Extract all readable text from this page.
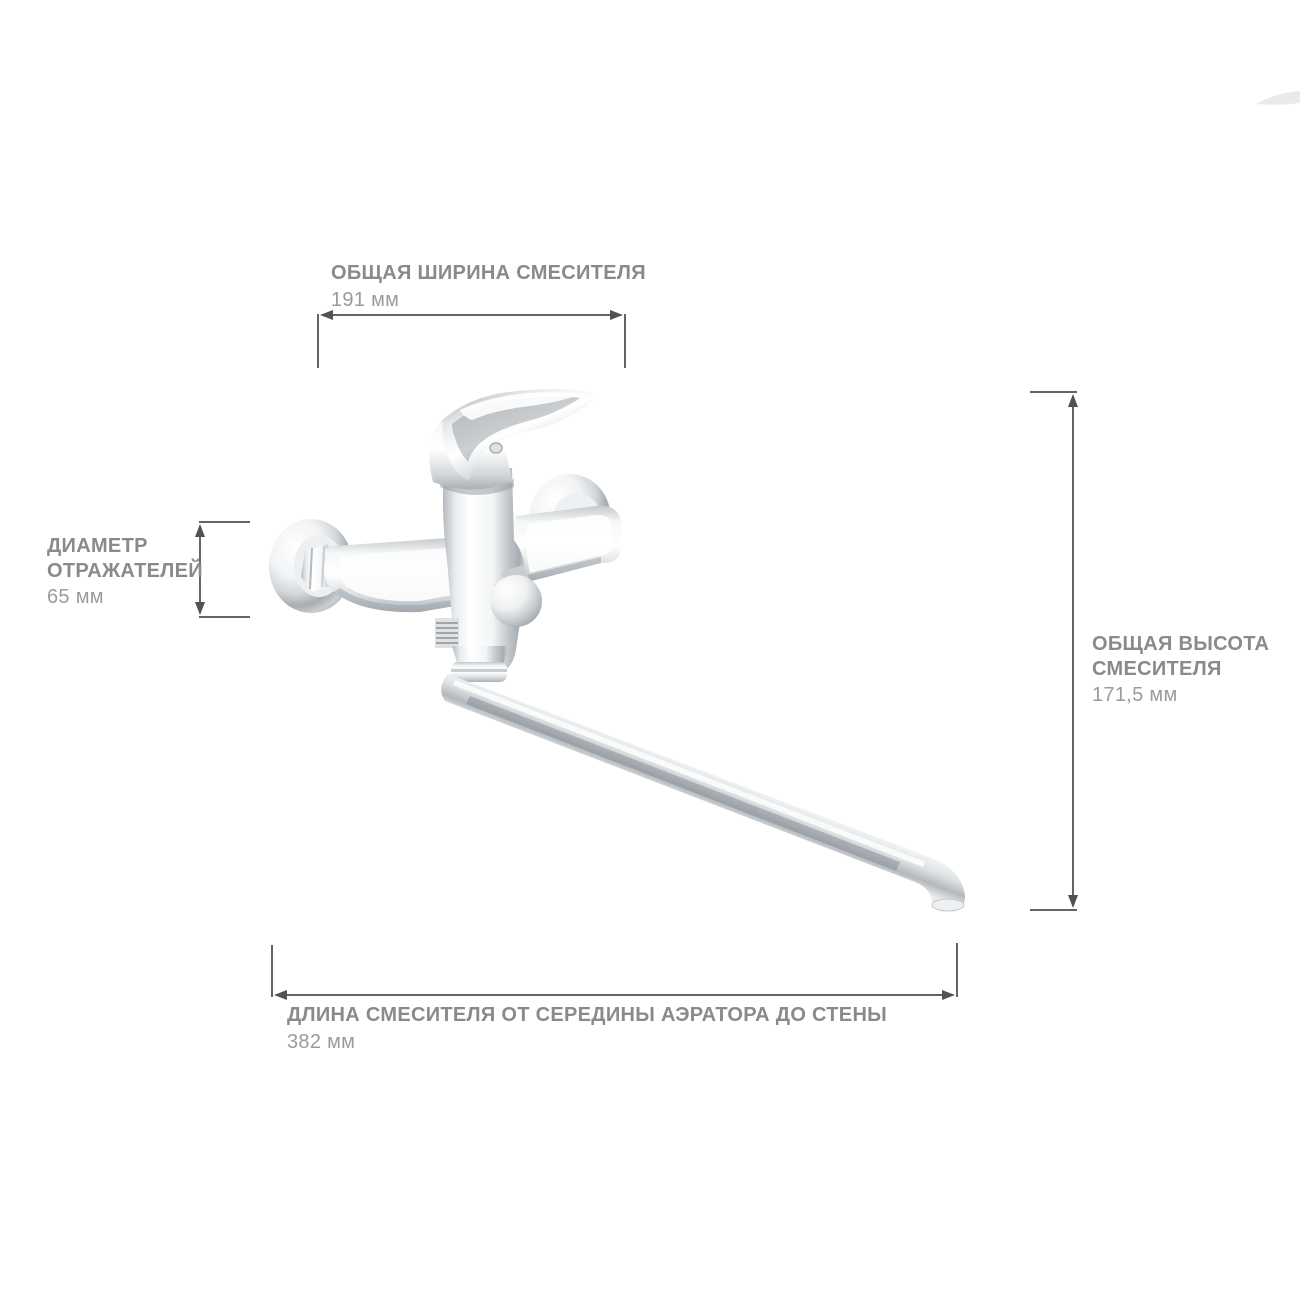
ОБЩАЯ ШИРИНА СМЕСИТЕЛЯ
191 мм
ДИАМЕТР
ОТРАЖАТЕЛЕЙ
65 мм
ОБЩАЯ ВЫСОТА
СМЕСИТЕЛЯ
171,5 мм
ДЛИНА СМЕСИТЕЛЯ ОТ СЕРЕДИНЫ АЭРАТОРА ДО СТЕНЫ
382 мм
